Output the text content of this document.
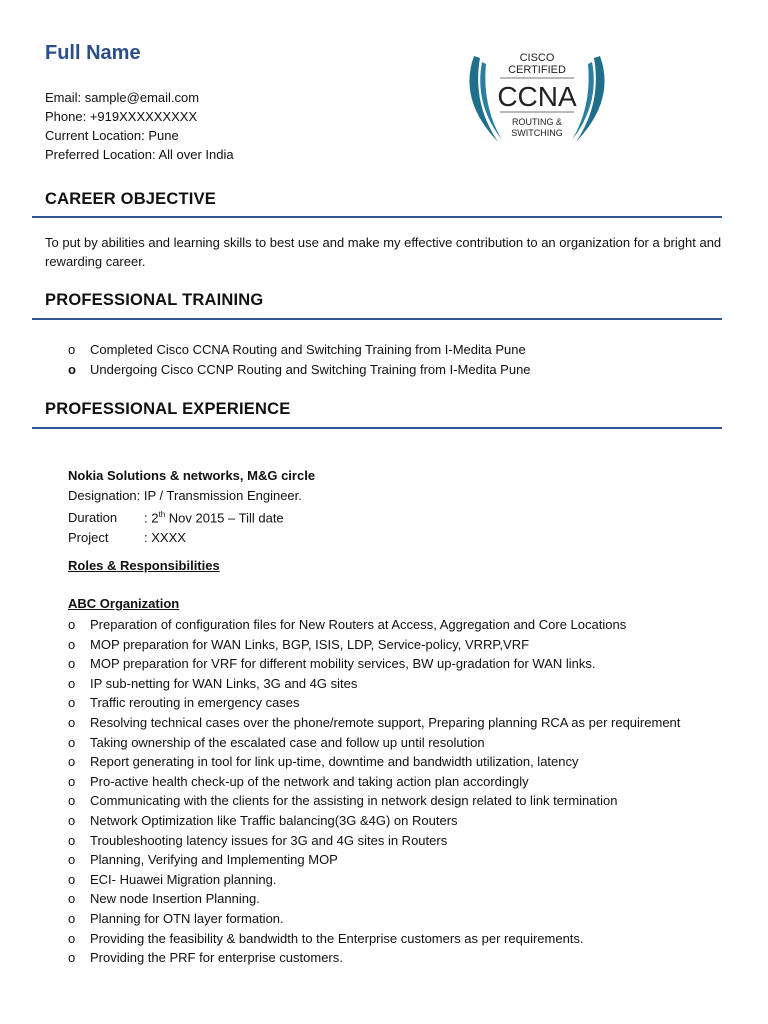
Full Name
Email: sample@email.com
Phone: +919XXXXXXXXX
Current Location: Pune
Preferred Location: All over India
CISCO
CERTIFIED
CCNA
ROUTING &
SWITCHING
CAREER OBJECTIVE
To put by abilities and learning skills to best use and make my effective contribution to an organization for a bright and rewarding career.
PROFESSIONAL TRAINING
o Completed Cisco CCNA Routing and Switching Training from I-Medita Pune
o Undergoing Cisco CCNP Routing and Switching Training from I-Medita Pune
PROFESSIONAL EXPERIENCE
Nokia Solutions & networks, M&G circle
Designation: IP / Transmission Engineer.
Duration : 2th Nov 2015 – Till date
Project	: XXXX
Roles & Responsibilities
ABC Organization
o Preparation of configuration files for New Routers at Access, Aggregation and Core Locations
o MOP preparation for WAN Links, BGP, ISIS, LDP, Service-policy, VRRP,VRF
o MOP preparation for VRF for different mobility services, BW up-gradation for WAN links.
o IP sub-netting for WAN Links, 3G and 4G sites
o Traffic rerouting in emergency cases
o Resolving technical cases over the phone/remote support, Preparing planning RCA as per requirement
o Taking ownership of the escalated case and follow up until resolution
o Report generating in tool for link up-time, downtime and bandwidth utilization, latency
o Pro-active health check-up of the network and taking action plan accordingly
o Communicating with the clients for the assisting in network design related to link termination
o Network Optimization like Traffic balancing(3G &4G) on Routers
o Troubleshooting latency issues for 3G and 4G sites in Routers
o Planning, Verifying and Implementing MOP
o ECI- Huawei Migration planning.
o New node Insertion Planning.
o Planning for OTN layer formation.
o Providing the feasibility & bandwidth to the Enterprise customers as per requirements.
o Providing the PRF for enterprise customers.
